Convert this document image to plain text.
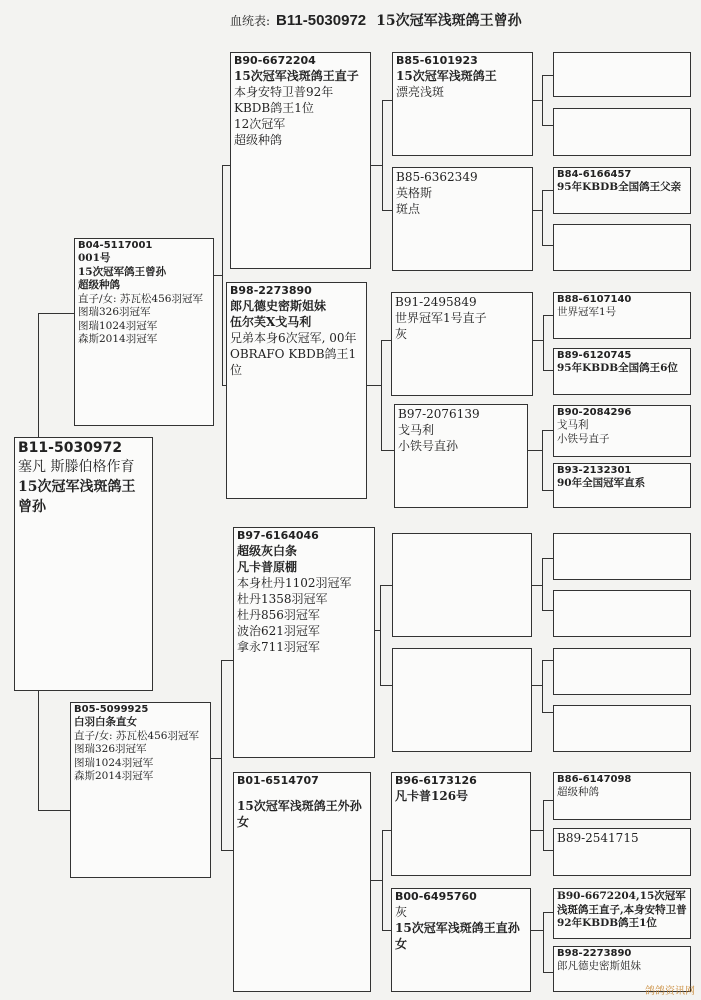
血统表: B11-5030972 15次冠军浅斑鸽王曾孙
B11-5030972
塞凡 斯滕伯格作育
15次冠军浅斑鸽王曾孙
B04-5117001
001号
15次冠军鸽王曾孙
超级种鸽
直子/女: 苏瓦松456羽冠军
图瑞326羽冠军
图瑞1024羽冠军
森斯2014羽冠军
B05-5099925
白羽白条直女
直子/女: 苏瓦松456羽冠军
图瑞326羽冠军
图瑞1024羽冠军
森斯2014羽冠军
B90-6672204
15次冠军浅斑鸽王直子
本身安特卫普92年
KBDB鸽王1位
12次冠军
超级种鸽
B98-2273890
郎凡德史密斯姐妹
伍尔芙X戈马利
兄弟本身6次冠军, 00年OBRAFO KBDB鸽王1位
B97-6164046
超级灰白条
凡卡普原棚
本身杜丹1102羽冠军
杜丹1358羽冠军
杜丹856羽冠军
波治621羽冠军
拿永711羽冠军
B01-6514707
15次冠军浅斑鸽王外孙女
B85-6101923
15次冠军浅斑鸽王
漂亮浅斑
B85-6362349
英格斯
斑点
B91-2495849
世界冠军1号直子
灰
B97-2076139
戈马利
小铁号直孙
B96-6173126
凡卡普126号
B00-6495760
灰
15次冠军浅斑鸽王直孙女
B84-6166457
95年KBDB全国鸽王父亲
B88-6107140
世界冠军1号
B89-6120745
95年KBDB全国鸽王6位
B90-2084296
戈马利
小铁号直子
B93-2132301
90年全国冠军直系
B86-6147098
超级种鸽
B89-2541715
B90-6672204,15次冠军浅斑鸽王直子,本身安特卫普92年KBDB鸽王1位
B98-2273890
郎凡德史密斯姐妹
鸽鸽资讯网
